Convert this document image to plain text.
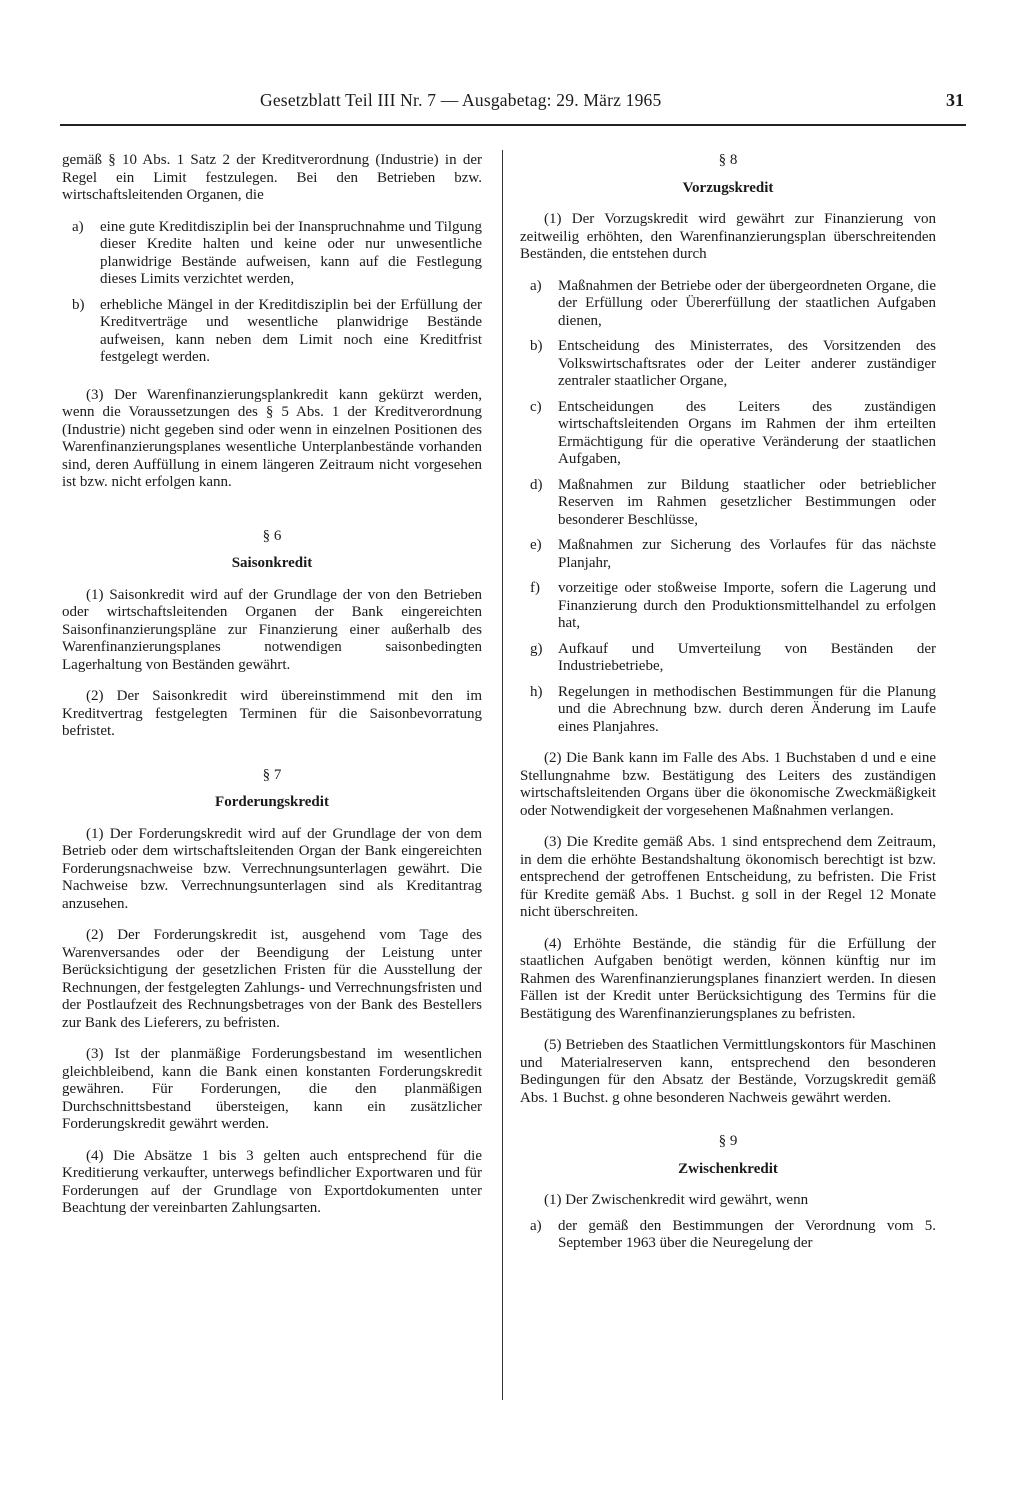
Gesetzblatt Teil III Nr. 7 — Ausgabetag: 29. März 1965	31

gemäß § 10 Abs. 1 Satz 2 der Kreditverordnung (Industrie) in der Regel ein Limit festzulegen. Bei den Betrieben bzw. wirtschaftsleitenden Organen, die

a)	eine gute Kreditdisziplin bei der Inanspruchnahme und Tilgung dieser Kredite halten und keine oder nur unwesentliche planwidrige Bestände aufweisen, kann auf die Festlegung dieses Limits verzichtet werden,
b)	erhebliche Mängel in der Kreditdisziplin bei der Erfüllung der Kreditverträge und wesentliche planwidrige Bestände aufweisen, kann neben dem Limit noch eine Kreditfrist festgelegt werden.

(3) Der Warenfinanzierungsplankredit kann gekürzt werden, wenn die Voraussetzungen des § 5 Abs. 1 der Kreditverordnung (Industrie) nicht gegeben sind oder wenn in einzelnen Positionen des Warenfinanzierungsplanes wesentliche Unterplanbestände vorhanden sind, deren Auffüllung in einem längeren Zeitraum nicht vorgesehen ist bzw. nicht erfolgen kann.

§ 6
Saisonkredit

(1) Saisonkredit wird auf der Grundlage der von den Betrieben oder wirtschaftsleitenden Organen der Bank eingereichten Saisonfinanzierungspläne zur Finanzierung einer außerhalb des Warenfinanzierungsplanes notwendigen saisonbedingten Lagerhaltung von Beständen gewährt.

(2) Der Saisonkredit wird übereinstimmend mit den im Kreditvertrag festgelegten Terminen für die Saisonbevorratung befristet.

§ 7
Forderungskredit

(1) Der Forderungskredit wird auf der Grundlage der von dem Betrieb oder dem wirtschaftsleitenden Organ der Bank eingereichten Forderungsnachweise bzw. Verrechnungsunterlagen gewährt. Die Nachweise bzw. Verrechnungsunterlagen sind als Kreditantrag anzusehen.

(2) Der Forderungskredit ist, ausgehend vom Tage des Warenversandes oder der Beendigung der Leistung unter Berücksichtigung der gesetzlichen Fristen für die Ausstellung der Rechnungen, der festgelegten Zahlungs- und Verrechnungsfristen und der Postlaufzeit des Rechnungsbetrages von der Bank des Bestellers zur Bank des Lieferers, zu befristen.

(3) Ist der planmäßige Forderungsbestand im wesentlichen gleichbleibend, kann die Bank einen konstanten Forderungskredit gewähren. Für Forderungen, die den planmäßigen Durchschnittsbestand übersteigen, kann ein zusätzlicher Forderungskredit gewährt werden.

(4) Die Absätze 1 bis 3 gelten auch entsprechend für die Kreditierung verkaufter, unterwegs befindlicher Exportwaren und für Forderungen auf der Grundlage von Exportdokumenten unter Beachtung der vereinbarten Zahlungsarten.

§ 8
Vorzugskredit

(1) Der Vorzugskredit wird gewährt zur Finanzierung von zeitweilig erhöhten, den Warenfinanzierungsplan überschreitenden Beständen, die entstehen durch

a)	Maßnahmen der Betriebe oder der übergeordneten Organe, die der Erfüllung oder Übererfüllung der staatlichen Aufgaben dienen,
b)	Entscheidung des Ministerrates, des Vorsitzenden des Volkswirtschaftsrates oder der Leiter anderer zuständiger zentraler staatlicher Organe,
c)	Entscheidungen des Leiters des zuständigen wirtschaftsleitenden Organs im Rahmen der ihm erteilten Ermächtigung für die operative Veränderung der staatlichen Aufgaben,
d)	Maßnahmen zur Bildung staatlicher oder betrieblicher Reserven im Rahmen gesetzlicher Bestimmungen oder besonderer Beschlüsse,
e)	Maßnahmen zur Sicherung des Vorlaufes für das nächste Planjahr,
f)	vorzeitige oder stoßweise Importe, sofern die Lagerung und Finanzierung durch den Produktionsmittelhandel zu erfolgen hat,
g)	Aufkauf und Umverteilung von Beständen der Industriebetriebe,
h)	Regelungen in methodischen Bestimmungen für die Planung und die Abrechnung bzw. durch deren Änderung im Laufe eines Planjahres.

(2) Die Bank kann im Falle des Abs. 1 Buchstaben d und e eine Stellungnahme bzw. Bestätigung des Leiters des zuständigen wirtschaftsleitenden Organs über die ökonomische Zweckmäßigkeit oder Notwendigkeit der vorgesehenen Maßnahmen verlangen.

(3) Die Kredite gemäß Abs. 1 sind entsprechend dem Zeitraum, in dem die erhöhte Bestandshaltung ökonomisch berechtigt ist bzw. entsprechend der getroffenen Entscheidung, zu befristen. Die Frist für Kredite gemäß Abs. 1 Buchst. g soll in der Regel 12 Monate nicht überschreiten.

(4) Erhöhte Bestände, die ständig für die Erfüllung der staatlichen Aufgaben benötigt werden, können künftig nur im Rahmen des Warenfinanzierungsplanes finanziert werden. In diesen Fällen ist der Kredit unter Berücksichtigung des Termins für die Bestätigung des Warenfinanzierungsplanes zu befristen.

(5) Betrieben des Staatlichen Vermittlungskontors für Maschinen und Materialreserven kann, entsprechend den besonderen Bedingungen für den Absatz der Bestände, Vorzugskredit gemäß Abs. 1 Buchst. g ohne besonderen Nachweis gewährt werden.

§ 9
Zwischenkredit

(1) Der Zwischenkredit wird gewährt, wenn

a)	der gemäß den Bestimmungen der Verordnung vom 5. September 1963 über die Neuregelung der
